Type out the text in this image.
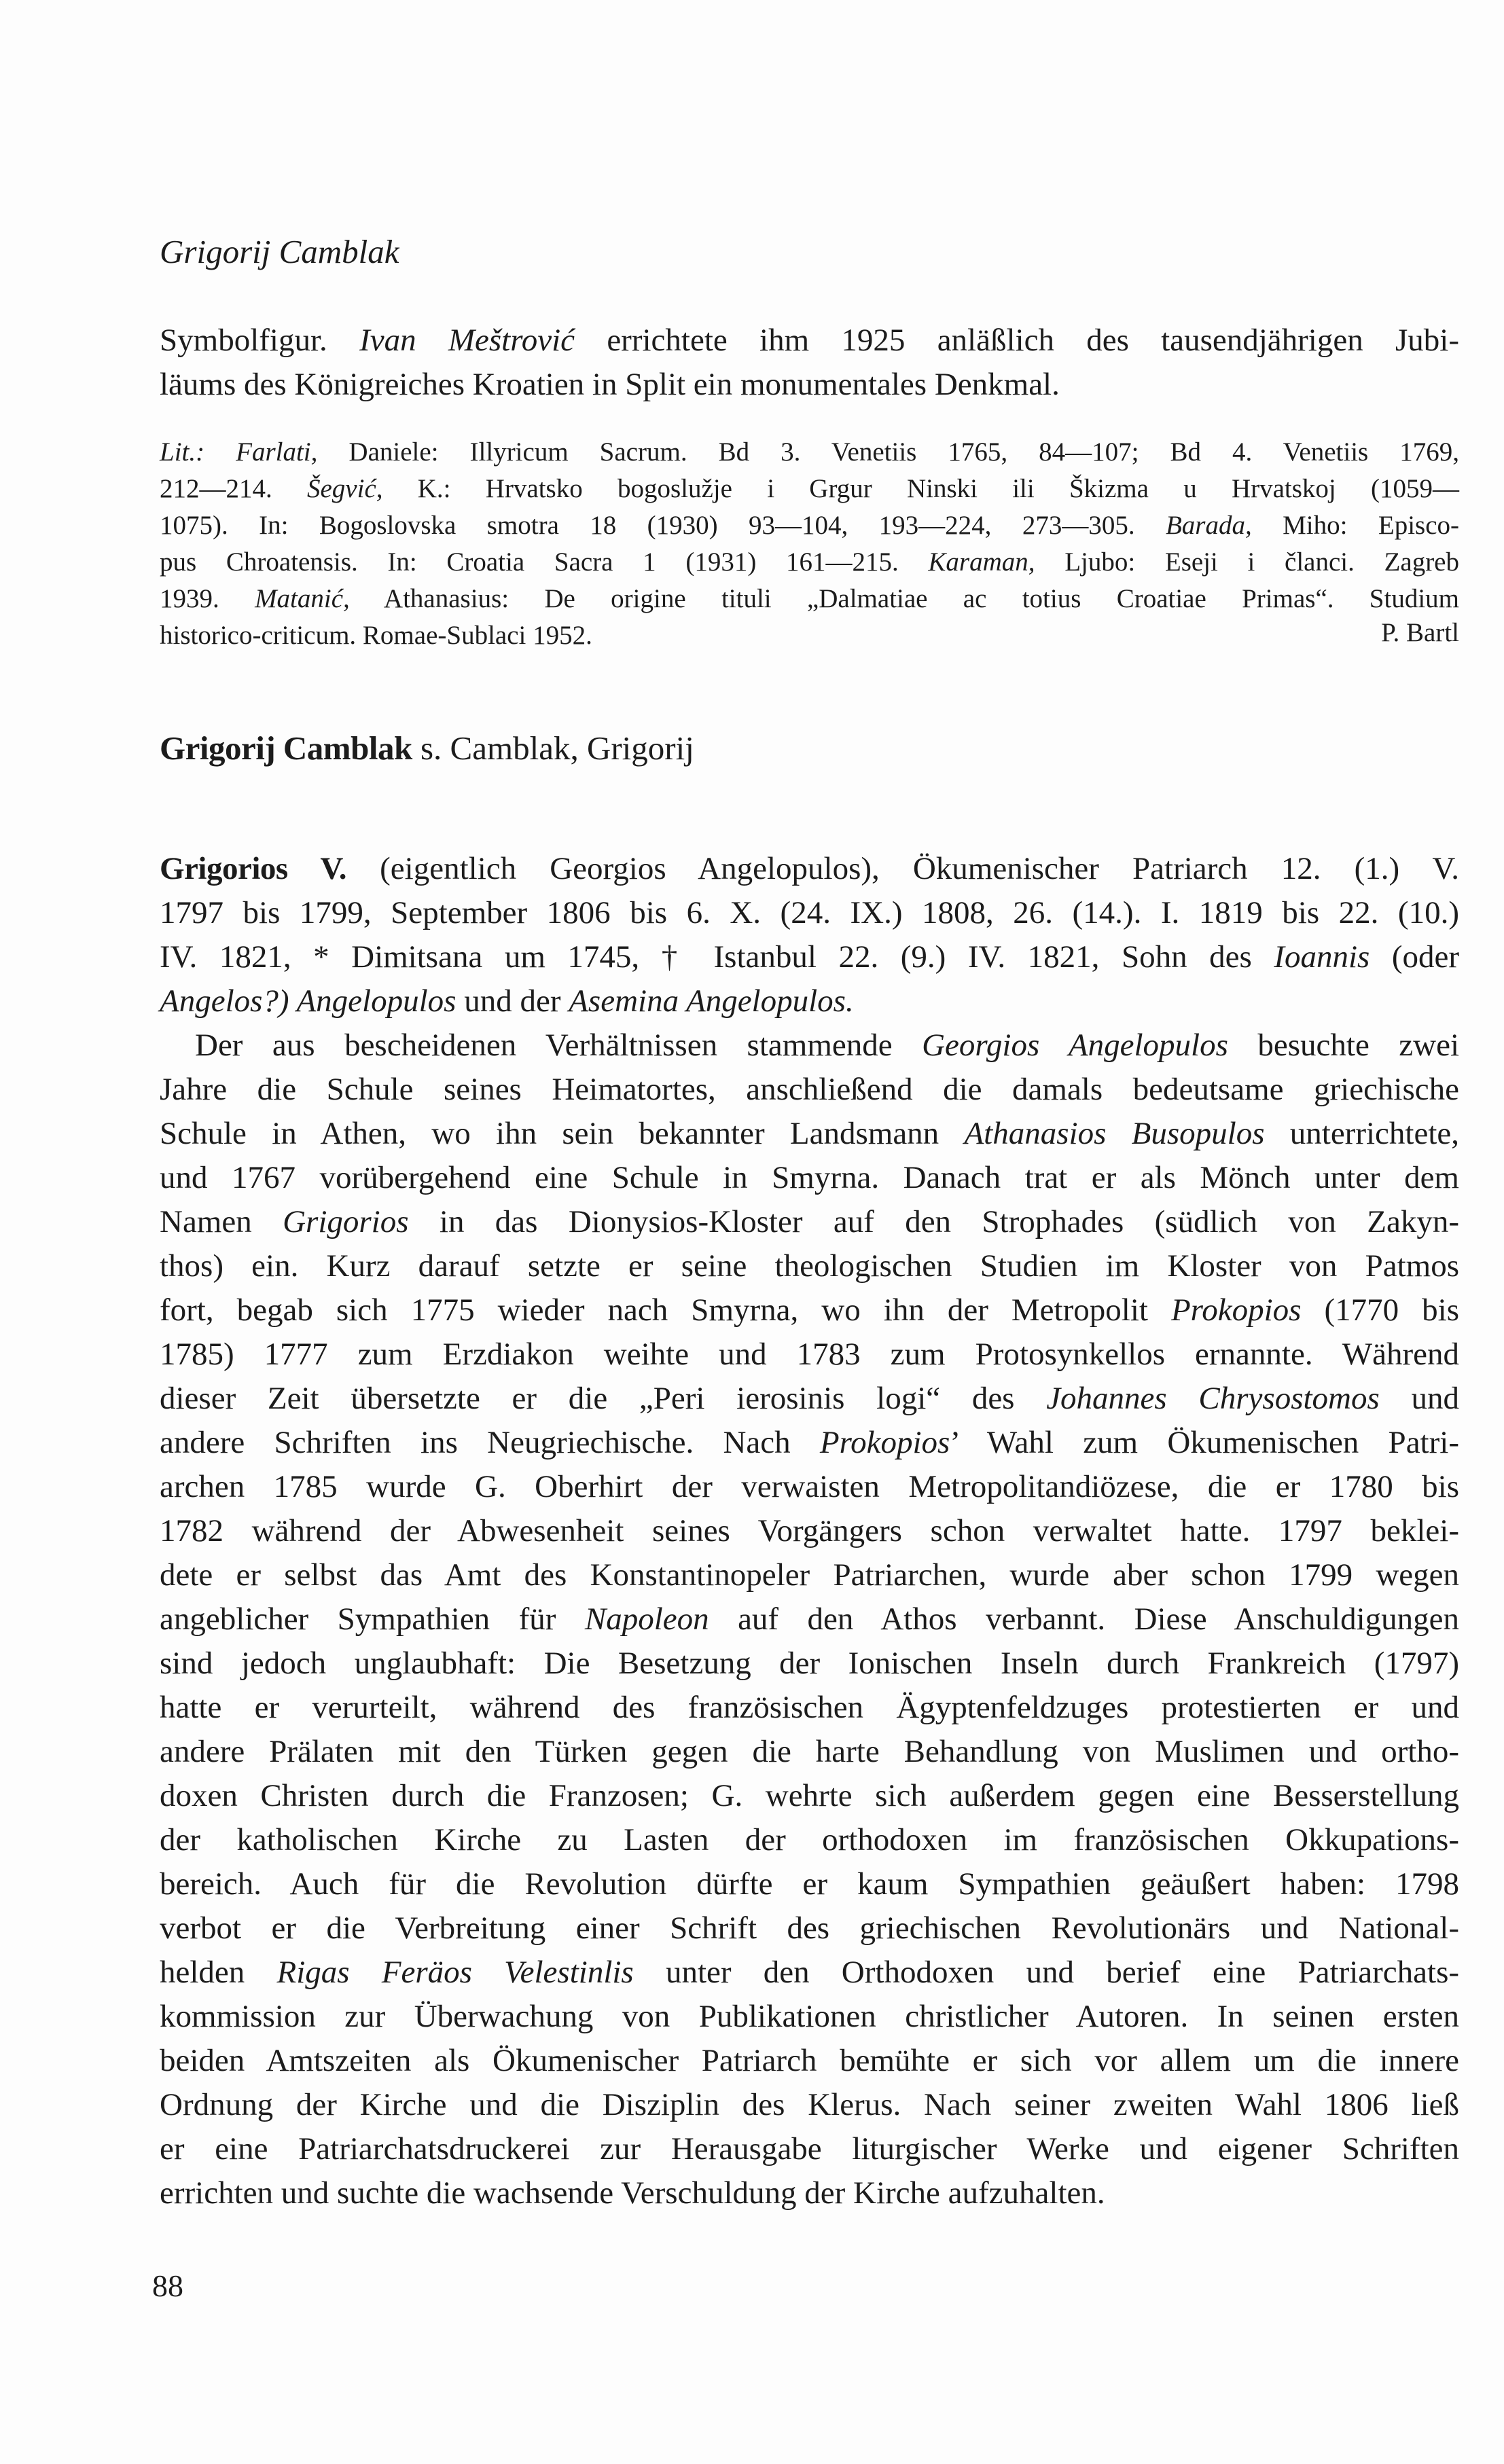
Grigorij Camblak
Symbolfigur. Ivan Meštrović errichtete ihm 1925 anläßlich des tausendjährigen Jubi-
läums des Königreiches Kroatien in Split ein monumentales Denkmal.
Lit.: Farlati, Daniele: Illyricum Sacrum. Bd 3. Venetiis 1765, 84—107; Bd 4. Venetiis 1769,
212—214. Šegvić, K.: Hrvatsko bogoslužje i Grgur Ninski ili Škizma u Hrvatskoj (1059—
1075). In: Bogoslovska smotra 18 (1930) 93—104, 193—224, 273—305. Barada, Miho: Episco-
pus Chroatensis. In: Croatia Sacra 1 (1931) 161—215. Karaman, Ljubo: Eseji i članci. Zagreb
1939. Matanić, Athanasius: De origine tituli „Dalmatiae ac totius Croatiae Primas“. Studium
historico-criticum. Romae-Sublaci 1952.	P. Bartl
Grigorij Camblak s. Camblak, Grigorij
Grigorios V. (eigentlich Georgios Angelopulos), Ökumenischer Patriarch 12. (1.) V.
1797 bis 1799, September 1806 bis 6. X. (24. IX.) 1808, 26. (14.). I. 1819 bis 22. (10.)
IV. 1821, * Dimitsana um 1745, † Istanbul 22. (9.) IV. 1821, Sohn des Ioannis (oder
Angelos?) Angelopulos und der Asemina Angelopulos.
Der aus bescheidenen Verhältnissen stammende Georgios Angelopulos besuchte zwei
Jahre die Schule seines Heimatortes, anschließend die damals bedeutsame griechische
Schule in Athen, wo ihn sein bekannter Landsmann Athanasios Busopulos unterrichtete,
und 1767 vorübergehend eine Schule in Smyrna. Danach trat er als Mönch unter dem
Namen Grigorios in das Dionysios-Kloster auf den Strophades (südlich von Zakyn-
thos) ein. Kurz darauf setzte er seine theologischen Studien im Kloster von Patmos
fort, begab sich 1775 wieder nach Smyrna, wo ihn der Metropolit Prokopios (1770 bis
1785) 1777 zum Erzdiakon weihte und 1783 zum Protosynkellos ernannte. Während
dieser Zeit übersetzte er die „Peri ierosinis logi“ des Johannes Chrysostomos und
andere Schriften ins Neugriechische. Nach Prokopios’ Wahl zum Ökumenischen Patri-
archen 1785 wurde G. Oberhirt der verwaisten Metropolitandiözese, die er 1780 bis
1782 während der Abwesenheit seines Vorgängers schon verwaltet hatte. 1797 beklei-
dete er selbst das Amt des Konstantinopeler Patriarchen, wurde aber schon 1799 wegen
angeblicher Sympathien für Napoleon auf den Athos verbannt. Diese Anschuldigungen
sind jedoch unglaubhaft: Die Besetzung der Ionischen Inseln durch Frankreich (1797)
hatte er verurteilt, während des französischen Ägyptenfeldzuges protestierten er und
andere Prälaten mit den Türken gegen die harte Behandlung von Muslimen und ortho-
doxen Christen durch die Franzosen; G. wehrte sich außerdem gegen eine Besserstellung
der katholischen Kirche zu Lasten der orthodoxen im französischen Okkupations-
bereich. Auch für die Revolution dürfte er kaum Sympathien geäußert haben: 1798
verbot er die Verbreitung einer Schrift des griechischen Revolutionärs und National-
helden Rigas Feräos Velestinlis unter den Orthodoxen und berief eine Patriarchats-
kommission zur Überwachung von Publikationen christlicher Autoren. In seinen ersten
beiden Amtszeiten als Ökumenischer Patriarch bemühte er sich vor allem um die innere
Ordnung der Kirche und die Disziplin des Klerus. Nach seiner zweiten Wahl 1806 ließ
er eine Patriarchatsdruckerei zur Herausgabe liturgischer Werke und eigener Schriften
errichten und suchte die wachsende Verschuldung der Kirche aufzuhalten.
88
